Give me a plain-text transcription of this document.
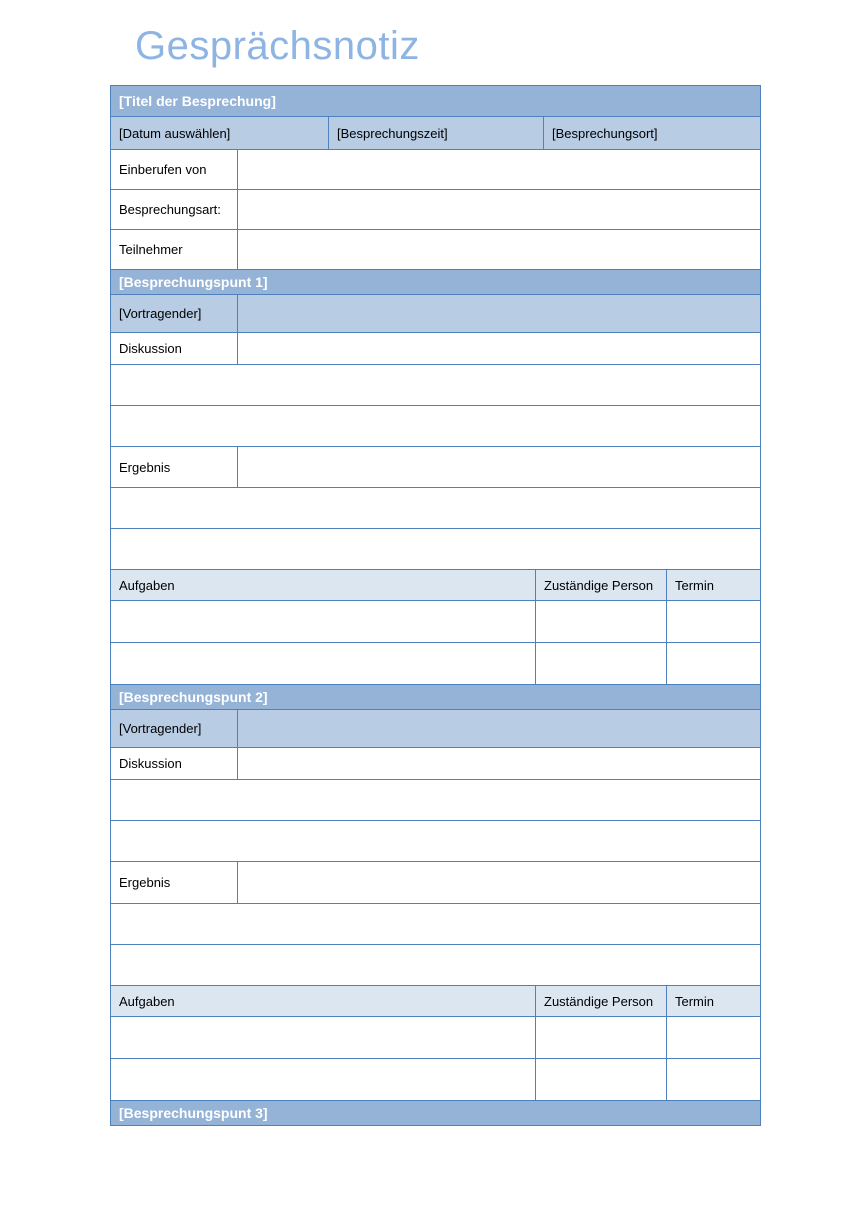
Gesprächsnotiz
[Titel der Besprechung]
[Datum auswählen]	[Besprechungszeit]	[Besprechungsort]
Einberufen von
Besprechungsart:
Teilnehmer
[Besprechungspunt 1]
[Vortragender]
Diskussion
Ergebnis
Aufgaben	Zuständige Person	Termin
[Besprechungspunt 2]
[Vortragender]
Diskussion
Ergebnis
Aufgaben	Zuständige Person	Termin
[Besprechungspunt 3]
